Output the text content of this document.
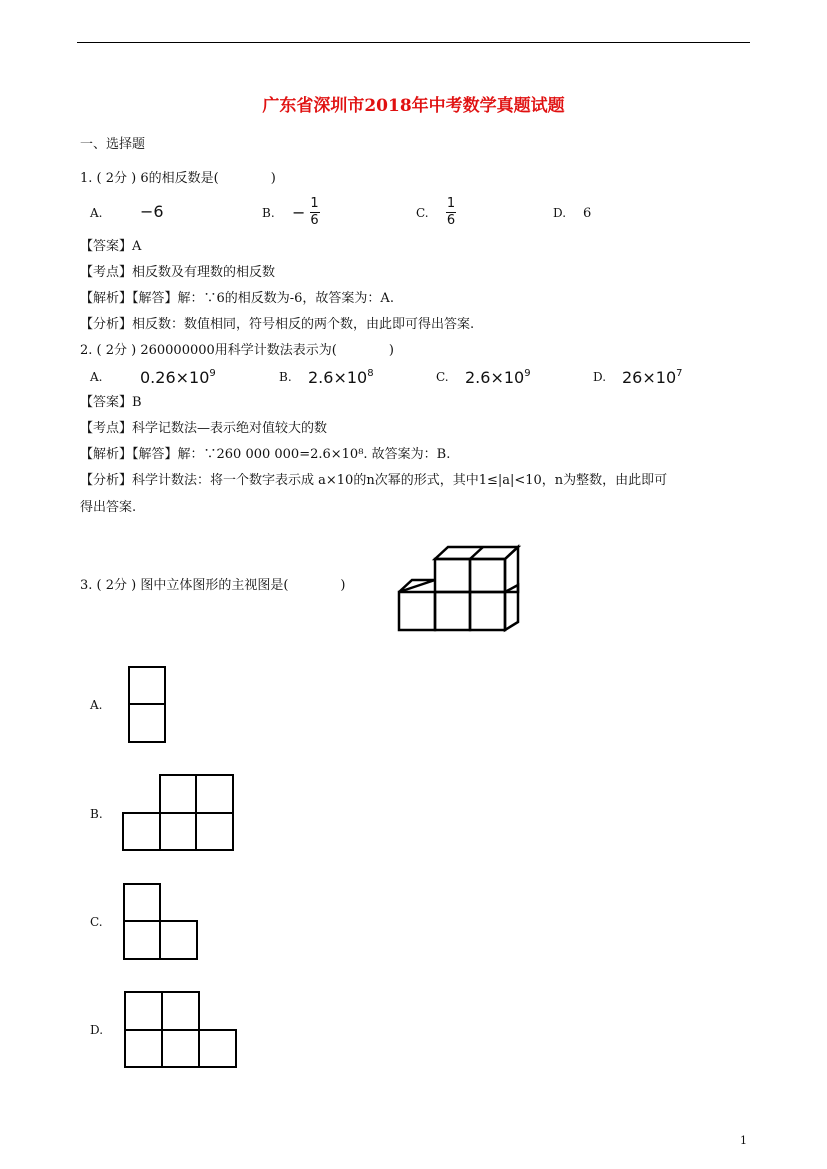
广东省深圳市2018年中考数学真题试题
一、选择题
1. ( 2分 ) 6的相反数是(　　　　)
A. −6	B. − $\frac{1}{6}$	C. $\frac{1}{6}$	D. 6
【答案】A
【考点】相反数及有理数的相反数
【解析】【解答】解：∵6的相反数为-6，故答案为：A.
【分析】相反数：数值相同，符号相反的两个数，由此即可得出答案.
2. ( 2分 ) 260000000用科学计数法表示为(　　　　)
A. $0.26\times 10^9$	B. $2.6\times 10^8$	C. $2.6\times 10^9$	D. $26\times 10^7$
【答案】B
【考点】科学记数法—表示绝对值较大的数
【解析】【解答】解：∵260 000 000=2.6×10⁸. 故答案为：B.
【分析】科学计数法：将一个数字表示成 a×10的n次幂的形式，其中1≤|a|<10，n为整数，由此即可
得出答案.
3. ( 2分 ) 图中立体图形的主视图是(　　　　)
A.
B.
C.
D.
1
